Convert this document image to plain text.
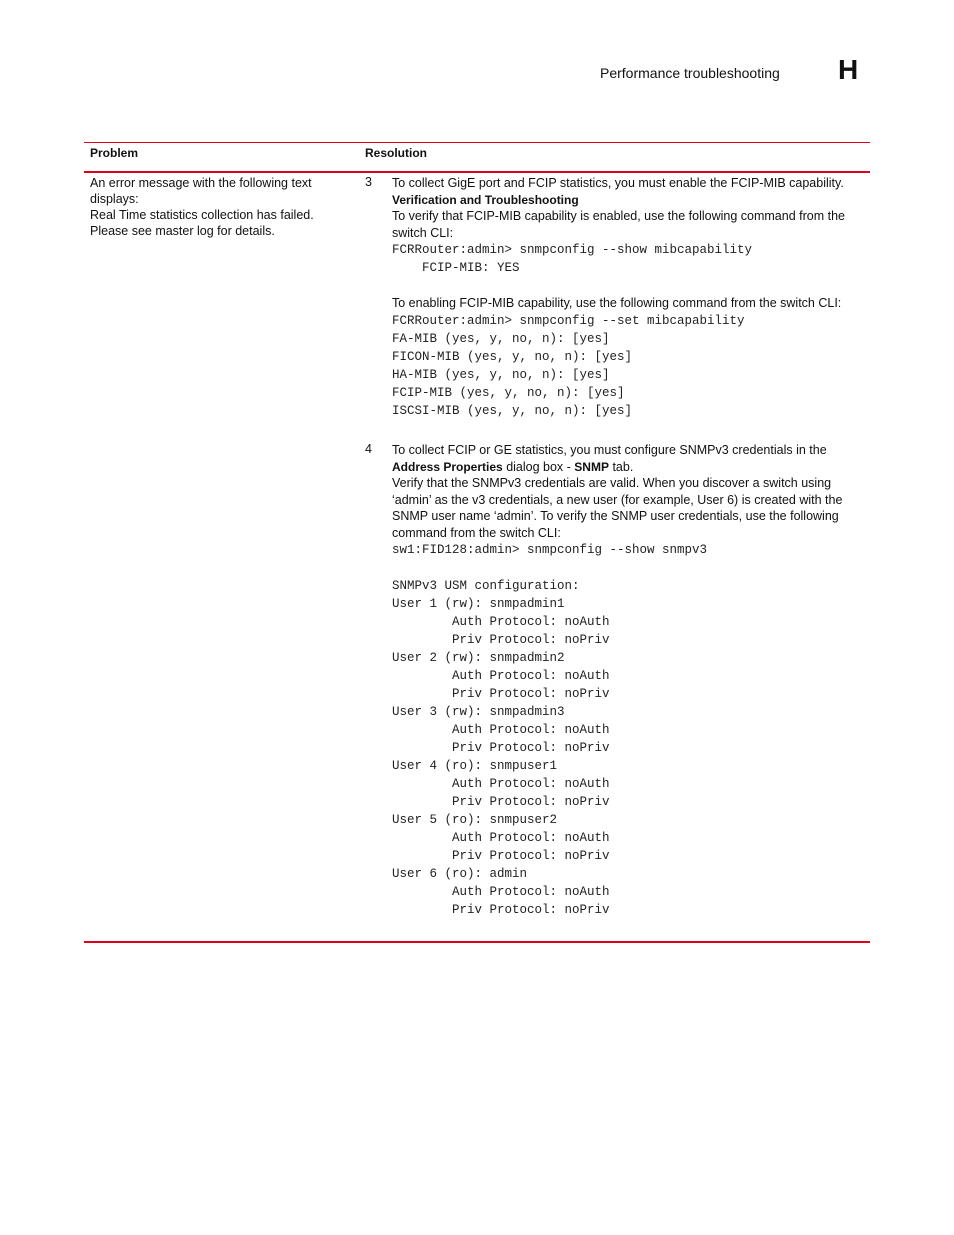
Performance troubleshooting H
Problem	Resolution
An error message with the following text
displays:
Real Time statistics collection has failed.
Please see master log for details.
3 To collect GigE port and FCIP statistics, you must enable the FCIP-MIB capability.

Verification and Troubleshooting

To verify that FCIP-MIB capability is enabled, use the following command from the switch CLI:

FCRRouter:admin> snmpconfig --show mibcapability
FCIP-MIB: YES

To enabling FCIP-MIB capability, use the following command from the switch CLI:

FCRRouter:admin> snmpconfig --set mibcapability
FA-MIB (yes, y, no, n): [yes]
FICON-MIB (yes, y, no, n): [yes]
HA-MIB (yes, y, no, n): [yes]
FCIP-MIB (yes, y, no, n): [yes]
ISCSI-MIB (yes, y, no, n): [yes]
4 To collect FCIP or GE statistics, you must configure SNMPv3 credentials in the Address Properties dialog box - SNMP tab.

Verify that the SNMPv3 credentials are valid. When you discover a switch using ‘admin’ as the v3 credentials, a new user (for example, User 6) is created with the SNMP user name ‘admin’. To verify the SNMP user credentials, use the following command from the switch CLI:

sw1:FID128:admin> snmpconfig --show snmpv3
SNMPv3 USM configuration:
User 1 (rw): snmpadmin1
Auth Protocol: noAuth
Priv Protocol: noPriv
User 2 (rw): snmpadmin2
Auth Protocol: noAuth
Priv Protocol: noPriv
User 3 (rw): snmpadmin3
Auth Protocol: noAuth
Priv Protocol: noPriv
User 4 (ro): snmpuser1
Auth Protocol: noAuth
Priv Protocol: noPriv
User 5 (ro): snmpuser2
Auth Protocol: noAuth
Priv Protocol: noPriv
User 6 (ro): admin
Auth Protocol: noAuth
Priv Protocol: noPriv
